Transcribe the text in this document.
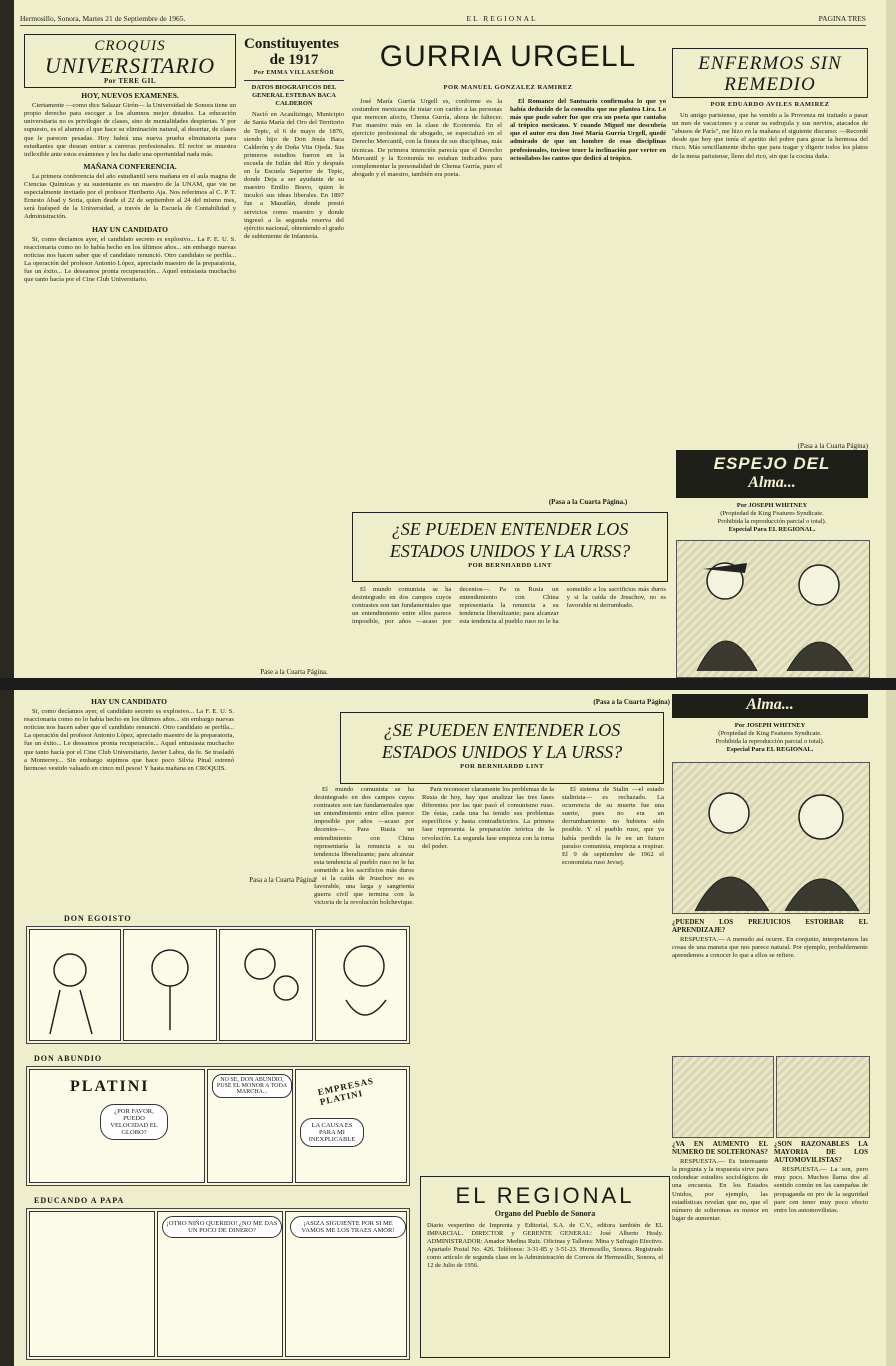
Hermosillo, Sonora, Martes 21 de Septiembre de 1965.	EL REGIONAL	PAGINA TRES
CROQUIS
UNIVERSITARIO
Por TERE GIL
HOY, NUEVOS EXAMENES.

Ciertamente —como dice Salazar Girón— la Universidad de Sonora tiene un propio derecho para escoger a los alumnos mejor dotados. La educación universitaria no es privilegio de clases, sino de mentalidades despiertas. Y por supuesto, es el alumno el que hace su eliminación natural, al desertar, de clases que le parecen pesadas. Hoy habrá una nueva prueba eliminatoria para estudiantes que desean entrar a carreras profesionales. El rector se muestra inflexible ante estos exámenes y les ha dado una oportunidad nada más.

MAÑANA CONFERENCIA.

La primera conferencia del año estudiantil sera mañana en el aula magna de Ciencias Químicas y su sustentante es un maestro de la UNAM, que vie ne especialmente invitado por el profesor Heriberto Aja. Nos referimos al C. P. T. Ernesto Abad y Soria, quien desde el 22 de septiembre al 24 del mismo mes, será huésped de la Universidad, a través de la Escuela de Contabilidad y Administración.

HAY UN CANDIDATO

Si, como decíamos ayer, el candidato secreto es explosivo... La F. E. U. S. reaccionaria como no lo había hecho en los últimos años... sin embargo nuevas noticias nos hacen saber que el candidato renunció. Otro candidato se perfila... La operación del profesor Antonio López, apreciado maestro de la preparatoria, fue un éxito... Le deseamos pronta recuperación... Aquel entusiasta muchacho que tanto hacía por el Cine Club Universitario.

Constituyentes
de 1917
Por EMMA VILLASEÑOR
DATOS BIOGRAFICOS DEL GENERAL ESTEBAN BACA CALDERON

Nació en Acaultzingo, Municipio de Santa María del Oro del Territorio de Tepic, el 6 de mayo de 1876, siendo hijo de Don Jesús Baca Calderón y de Doña Vita Ojeda. Sus primeros estudios fueron en la escuela de Ixtlán del Río y después en la Escuela Superior de Tepic, donde Deja a ser ayudante de su maestro Emilio Bravo, quien le inculcó sus ideas liberales. En 1897 fue a Mazatlán, donde prestó servicios como maestro y donde ingresó a la segunda reserva del ejército nacional, obteniendo el grado de subteniente de Infantería.

Pase a la Cuarta Página.
GURRIA URGELL
POR MANUEL GONZALEZ RAMIREZ

José María Gurría Urgell es, conforme es la costumbre mexicana de tratar con cariño a las personas que merecen afecto, Chema Gurría, ahora de faltecer. Fue maestro más en la clase de Economía. En el ejercicio profesional de abogado, se especializó en el Derecho Mercantil, con la finura de sus disciplinas, más técnicas. De primera intención parecía que el Derecho Mercantil y la Economía no estaban indicados para complementar la personalidad de Chema Gurría, puro el abogado y el maestro, también era poeta.

El Romance del Santuario confirmaba lo que yo había deducido de la consulta que me plantea Lira. Lo más que pude saber fue que era un poeta que cantaba al trópico mexicano. Y cuando Miguel me descubría que el autor era don José María Gurría Urgell, quedé admirado de que un hombre de esas disciplinas profesionales, tuviese tener la inclinación por verter en octosílabos los cantos que dedicó al trópico.

(Pasa a la Cuarta Página.)
¿SE PUEDEN ENTENDER LOS
ESTADOS UNIDOS Y LA URSS?
POR BERNHARDD LINT

El mundo comunista se ha desintegrado en dos campos cuyos contrastes son tan fundamentales que un entendimiento entre ellos parece imposible, por años —acaso por decenios—. Pa ra Rusia un entendimiento con China representaría la renuncia a su tendencia liberalizante; para alcanzar esta tendencia al pueblo ruso no le ha sometido a los sacrificios más duros y si la caída de Jruschov, no es favorable ni derrumbado.

ENFERMOS SIN
REMEDIO
POR EDUARDO AVILES RAMIREZ

Un amigo parisiense, que ha venido a la Provenza mi traitado a pasar un mes de vacaciones y a curar su esdrujula y sus nervios, atacados de "abusos de París", me hizo en la mañana el siguiente discurso: —Recordé desde que hoy que tenía el apetito del pobre para gozar la hermosa del risco. Más sencillamente dicho que para tragar y digerir todos los platos de la mesa parisiense, lleno del rico, sin que la cocina daña.

(Pasa a la Cuarta Página)
ESPEJO DEL
Alma...
Por JOSEPH WHITNEY
(Propiedad de King Features Syndicate.
Prohibida la reproducción parcial o total).
Especial Para EL REGIONAL.
HAY UN CANDIDATO

Si, como decíamos ayer, el candidato secreto es explosivo... La F. E. U. S. reaccionaria como no lo había hecho en los últimos años... sin embargo nuevas noticias nos hacen saber que el candidato renunció. Otro candidato se perfila... La operación del profesor Antonio López, apreciado maestro de la preparatoria, fue un éxito... Le deseamos pronta recuperación... Aquel entusiasta muchacho que tanto hacía por el Cine Club Universitario, Javier Labra, da fe. Se trasladó a Monterrey... Sin embargo supimos que hace poco Silvia Pinal estrenó hermoso vestido valuado en cinco mil pesos! Y hasta mañana en CROQUIS.

Pasa a la Cuarta Página.
¿SE PUEDEN ENTENDER LOS
ESTADOS UNIDOS Y LA URSS?
POR BERNHARDD LINT
(Pasa a la Cuarta Página)

El mundo comunista se ha desintegrado en dos campos cuyos contrastes son tan fundamentales que un entendimiento entre ellos parece imposible por años —acaso por decenios—. Para Rusia un entendimiento con China representaría la renuncia a su tendencia liberalizante; para alcanzar esta tendencia al pueblo ruso no le ha sometido a los sacrificios más duros y si la caída de Jruschov no es favorable, una larga y sangrienta guerra civil que termina con la victoria de la revolución bolchevique.

Para reconocer claramente los problemas de la Rusia de hoy, hay que analizar las tres fases diferentes por las que pasó el comunismo ruso. De éstas, cada una ha tenido sus problemas específicos y hasta contradictorios. La primera fase representa la preparación teórica de la revolución. La segunda fase empieza con la toma del poder.

El sistema de Stalin —el estado stalinista— es rechazado. La ocurrencia de su muerte fue una suerte, pues no era un derrumbamiento no hubiera sido posible. Y el pueblo ruso, que ya había perdido la fe en un futuro paraíso comunista, empieza a respirar. El 9 de septiembre de 1962 el economista ruso Jevsej.

DON EGOISTO
DON ABUNDIO
PLATINI
¿POR FAVOR, PUEDO VELOCIDAD EL GLOBO?
NO SE, DON ABUNDIO, PUSE EL MONOR A TODA MARCHA...	EMPRESAS PLATINI
LA CAUSA ES PARA MI INEXPLICABLE
EDUCANDO A PAPA
¡OTRO NIÑO QUERIDO! ¿NO ME DAS UN POCO DE DINERO?
¡ASIZA SIGUIENTE POR SI ME VAMOS ME LOS TRAES AMOR!
EL REGIONAL
Organo del Pueblo de Sonora
Diario vespertino de Imprenta y Editorial, S.A. de C.V., editora también de EL IMPARCIAL. DIRECTOR y GERENTE GENERAL: José Alberto Healy. ADMINISTRADOR: Amador Medina Ruiz. Oficinas y Talleres: Mina y Sufragio Efectivo. Apartado Postal No. 426. Teléfonos: 3-31-85 y 3-51-23. Hermosillo, Sonora. Registrado como artículo de segunda clase en la Administración de Correos de Hermosillo, Sonora, el 12 de Julio de 1956.
Alma...
Por JOSEPH WHITNEY
(Propiedad de King Features Syndicate.
Prohibida la reproducción parcial o total).
Especial Para EL REGIONAL.
¿PUEDEN LOS PREJUICIOS ESTORBAR EL APRENDIZAJE?

RESPUESTA.— A menudo así ocurre. En conjunto, interpretamos las cosas de una manera que nos parece natural. Por ejemplo, probablemente aprendemos a conocer lo que a ellos se refiere.

¿VA EN AUMENTO EL NUMERO DE SOLTERONAS?

RESPUESTA.— Es interesante la pregunta y la respuesta sirve para redondear estudios sociológicos de una encuesta. En los Estados Unidos, por ejemplo, las estadísticas revelan que no, que el número de solteronas es menor en lugar de aumentar.

¿SON RAZONABLES LA MAYORIA DE LOS AUTOMOVILISTAS?

RESPUESTA.— La son, pero muy poco. Muchos llama dos al sentido común en las campañas de propaganda en pro de la seguridad pare cen tener muy poco efecto entre los automovilistas.
